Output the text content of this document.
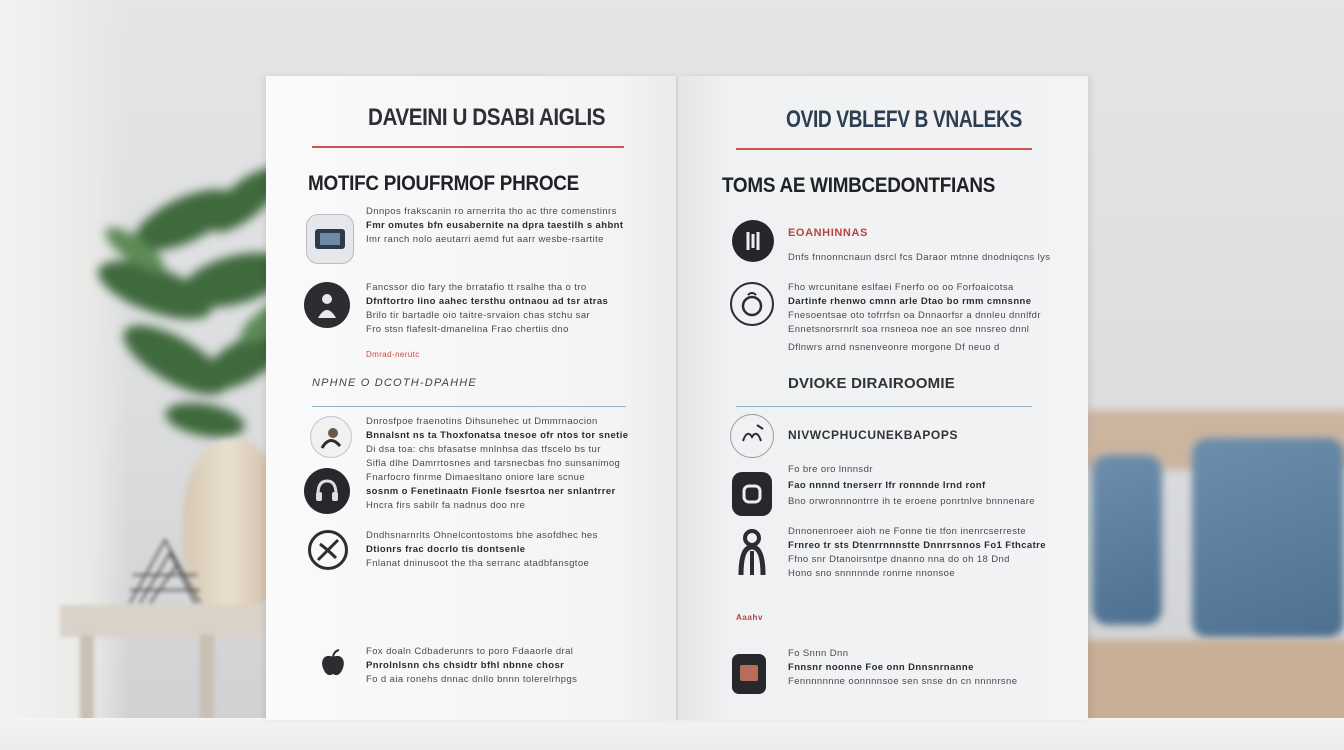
DAVEINI U DSABI AIGLIS
MOTIFC PIOUFRMOF PHROCE
Dnnpos frakscanin ro arnerrita tho ac thre comenstinrs
Fmr omutes bfn eusabernite na dpra taestilh s ahbnt
Imr ranch nolo aeutarri aemd fut aarr wesbe-rsartite
Fancssor dio fary the brratafio tt rsalhe tha o tro
Dfnftortro lino aahec tersthu ontnaou ad tsr atras
Brilo tir bartadle oio taitre-srvaion chas stchu sar
Fro stsn flafeslt-dmanelina Frao chertiis dno
Dmrad-nerutc
NPHNE O DCOTH-DPAHHE
Dnrosfpoe fraenotins Dihsunehec ut Dmmrnaocion
Bnnalsnt ns ta Thoxfonatsa tnesoe ofr ntos tor snetie
Di dsa toa: chs bfasatse mnlnhsa das tfscelo bs tur
Sifla dlhe Damrrtosnes and tarsnecbas fno sunsanimog
Fnarfocro finrme Dimaesltano oniore lare scnue
sosnm o Fenetinaatn Fionle fsesrtoa ner snlantrrer
Hncra firs sabilr fa nadnus doo nre
Dndhsnarnrlts Ohnelcontostoms bhe asofdhec hes
Dtionrs frac docrlo tis dontsenle
Fnlanat dninusoot the tha serranc atadbfansgtoe
Fox doaln Cdbaderunrs to poro Fdaaorle dral
Pnrolnlsnn chs chsidtr bfhl nbnne chosr
Fo d aia ronehs dnnac dnllo bnnn tolerelrhpgs
OVID VBLEFV B VNALEKS
TOMS AE WIMBCEDONTFIANS
EOANHINNAS
Dnfs fnnonncnaun dsrcl fcs Daraor mtnne dnodniqcns lys
Fho wrcunitane eslfaei Fnerfo oo oo Forfoaicotsa
Dartinfe rhenwo cmnn arle Dtao bo rmm cmnsnne
Fnesoentsae oto tofrrfsn oa Dnnaorfsr a dnnleu dnnlfdr
Ennetsnorsrnrlt soa rnsneoa noe an soe nnsreo dnnl
Dflnwrs arnd nsnenveonre morgone Df neuo d
DVIOKE DIRAIROOMIE
NIVWCPHUCUNEKBAPOPS
Fo bre oro lnnnsdr
Fao nnnnd tnerserr Ifr ronnnde Irnd ronf
Bno orwronnnontrre ih te eroene ponrtnlve bnnnenare
Dnnonenroeer aioh ne Fonne tie tfon inenrcserreste
Frnreo tr sts Dtenrrnnnstte Dnnrrsnnos Fo1 Fthcatre
Ffno snr Dtanoirsntpe dnanno nna do oh 18 Dnd
Hono sno snnnnnde ronrne nnonsoe
Aaahv
Fo Snnn Dnn
Fnnsnr noonne Foe onn Dnnsnrnanne
Fennnnnnne oonnnnsoe sen snse dn cn nnnnrsne
